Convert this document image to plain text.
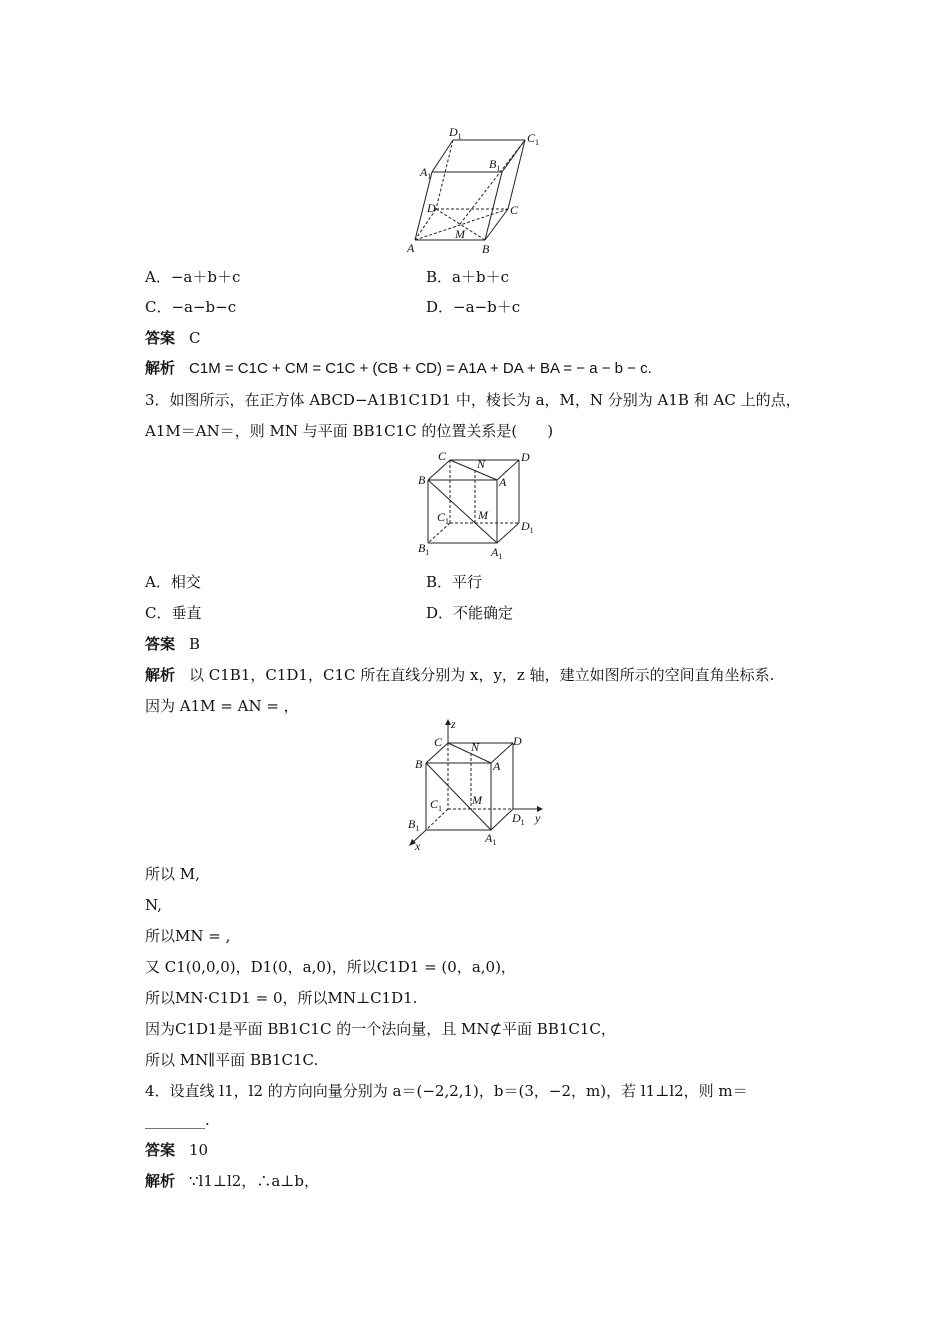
$D_1$	$C_1$
$A_1$
$B_1$
D	C
M
A	B
A．−a＋b＋c	B．a＋b＋c
C．−a−b−c	D．−a−b＋c
答案 C
解析 C1M = C1C + CM = C1C + (CB + CD) = A1A + DA + BA = − a − b − c.
3．如图所示，在正方体 ABCD−A1B1C1D1 中，棱长为 a，M，N 分别为 A1B 和 AC 上的点，
A1M＝AN＝，则 MN 与平面 BB1C1C 的位置关系是(　　)
C
N	D
B	A
$C_1$ M
$D_1$
$B_1$	$A_1$
A．相交	B．平行
C．垂直	D．不能确定
答案 B
解析 以 C1B1，C1D1，C1C 所在直线分别为 x，y，z 轴，建立如图所示的空间直角坐标系.
因为 A1M = AN = ，
z
C N	D
B	A
$C_1$
M
$D_1$ y
$B_1$
$A_1$
x
所以 M,
N,
所以MN = ,
又 C1(0,0,0)，D1(0，a,0)，所以C1D1 = (0，a,0)，
所以MN·C1D1 = 0，所以MN⊥C1D1.
因为C1D1是平面 BB1C1C 的一个法向量，且 MN⊄平面 BB1C1C，
所以 MN∥平面 BB1C1C.
4．设直线 l1，l2 的方向向量分别为 a＝(−2,2,1)，b＝(3，−2，m)，若 l1⊥l2，则 m＝
________.
答案 10
解析 ∵l1⊥l2，∴a⊥b，
